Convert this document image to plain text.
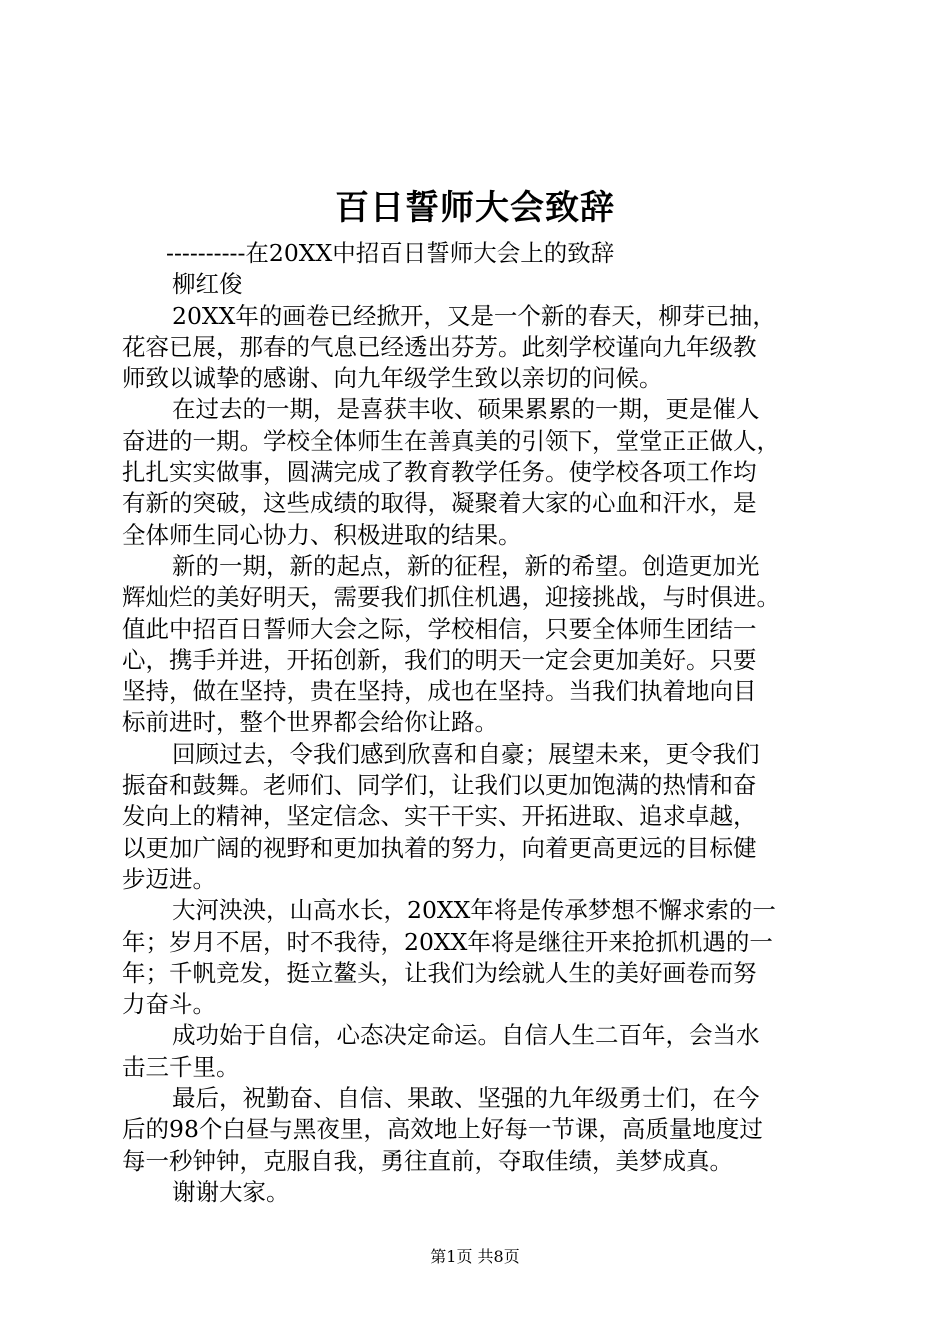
百日誓师大会致辞
----------在20XX中招百日誓师大会上的致辞
柳红俊
20XX年的画卷已经掀开，又是一个新的春天，柳芽已抽，
花容已展，那春的气息已经透出芬芳。此刻学校谨向九年级教
师致以诚挚的感谢、向九年级学生致以亲切的问候。
在过去的一期，是喜获丰收、硕果累累的一期，更是催人
奋进的一期。学校全体师生在善真美的引领下，堂堂正正做人，
扎扎实实做事，圆满完成了教育教学任务。使学校各项工作均
有新的突破，这些成绩的取得，凝聚着大家的心血和汗水，是
全体师生同心协力、积极进取的结果。
新的一期，新的起点，新的征程，新的希望。创造更加光
辉灿烂的美好明天，需要我们抓住机遇，迎接挑战，与时俱进。
值此中招百日誓师大会之际，学校相信，只要全体师生团结一
心，携手并进，开拓创新，我们的明天一定会更加美好。只要
坚持，做在坚持，贵在坚持，成也在坚持。当我们执着地向目
标前进时，整个世界都会给你让路。
回顾过去，令我们感到欣喜和自豪；展望未来，更令我们
振奋和鼓舞。老师们、同学们，让我们以更加饱满的热情和奋
发向上的精神，坚定信念、实干干实、开拓进取、追求卓越，
以更加广阔的视野和更加执着的努力，向着更高更远的目标健
步迈进。
大河泱泱，山高水长，20XX年将是传承梦想不懈求索的一
年；岁月不居，时不我待，20XX年将是继往开来抢抓机遇的一
年；千帆竞发，挺立鳌头，让我们为绘就人生的美好画卷而努
力奋斗。
成功始于自信，心态决定命运。自信人生二百年，会当水
击三千里。
最后，祝勤奋、自信、果敢、坚强的九年级勇士们，在今
后的98个白昼与黑夜里，高效地上好每一节课，高质量地度过
每一秒钟钟，克服自我，勇往直前，夺取佳绩，美梦成真。
谢谢大家。
第1页 共8页
